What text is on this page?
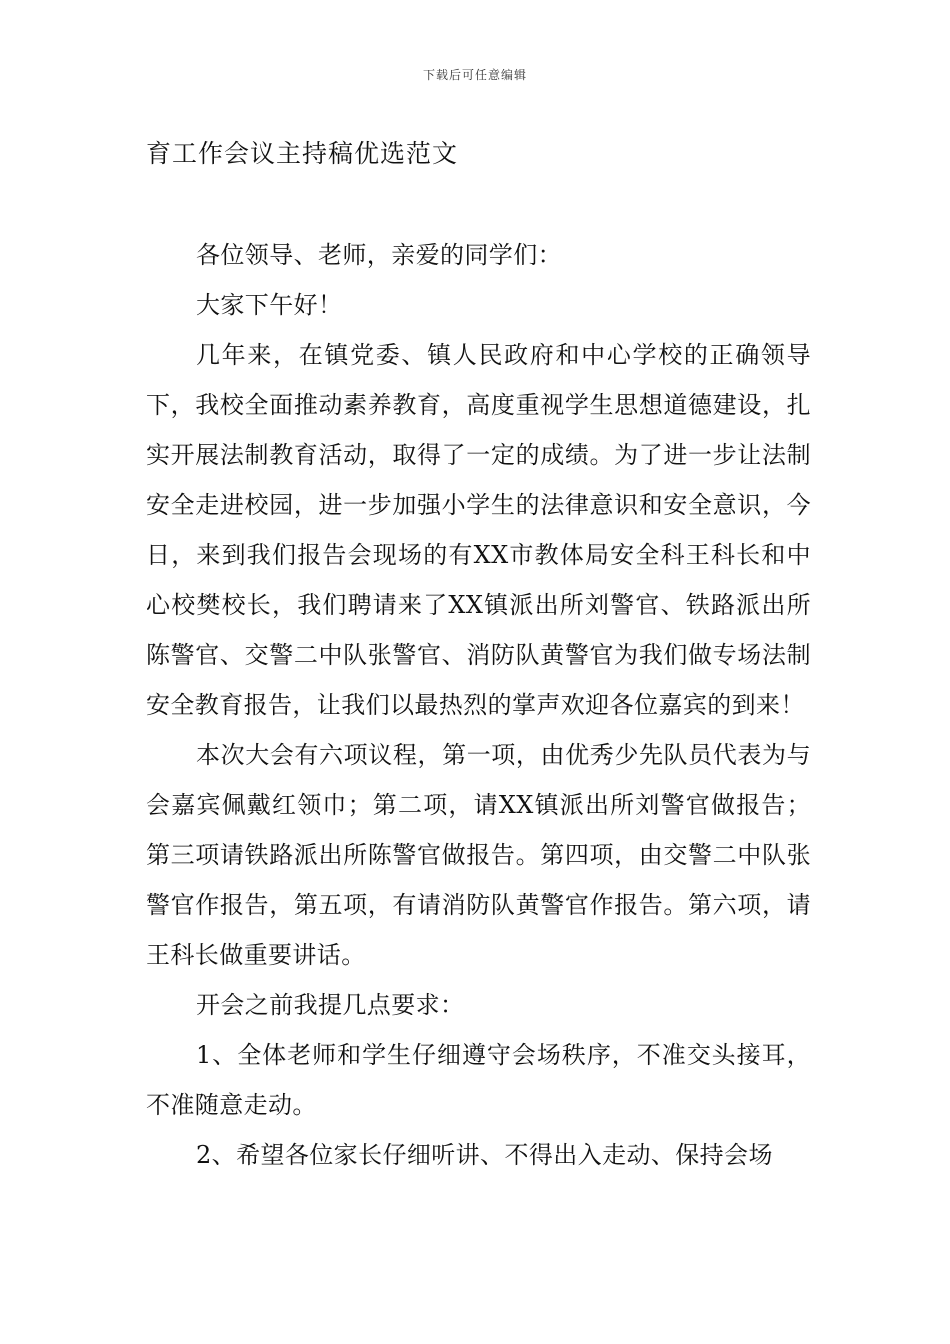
下载后可任意编辑
育工作会议主持稿优选范文

各位领导、老师，亲爱的同学们：

大家下午好！

几年来，在镇党委、镇人民政府和中心学校的正确领导下，我校全面推动素养教育，高度重视学生思想道德建设，扎实开展法制教育活动，取得了一定的成绩。为了进一步让法制安全走进校园，进一步加强小学生的法律意识和安全意识，今日，来到我们报告会现场的有XX市教体局安全科王科长和中心校樊校长，我们聘请来了XX镇派出所刘警官、铁路派出所陈警官、交警二中队张警官、消防队黄警官为我们做专场法制安全教育报告，让我们以最热烈的掌声欢迎各位嘉宾的到来！

本次大会有六项议程，第一项，由优秀少先队员代表为与会嘉宾佩戴红领巾；第二项，请XX镇派出所刘警官做报告；第三项请铁路派出所陈警官做报告。第四项，由交警二中队张警官作报告，第五项，有请消防队黄警官作报告。第六项，请王科长做重要讲话。

开会之前我提几点要求：

1、全体老师和学生仔细遵守会场秩序，不准交头接耳，不准随意走动。

2、希望各位家长仔细听讲、不得出入走动、保持会场
